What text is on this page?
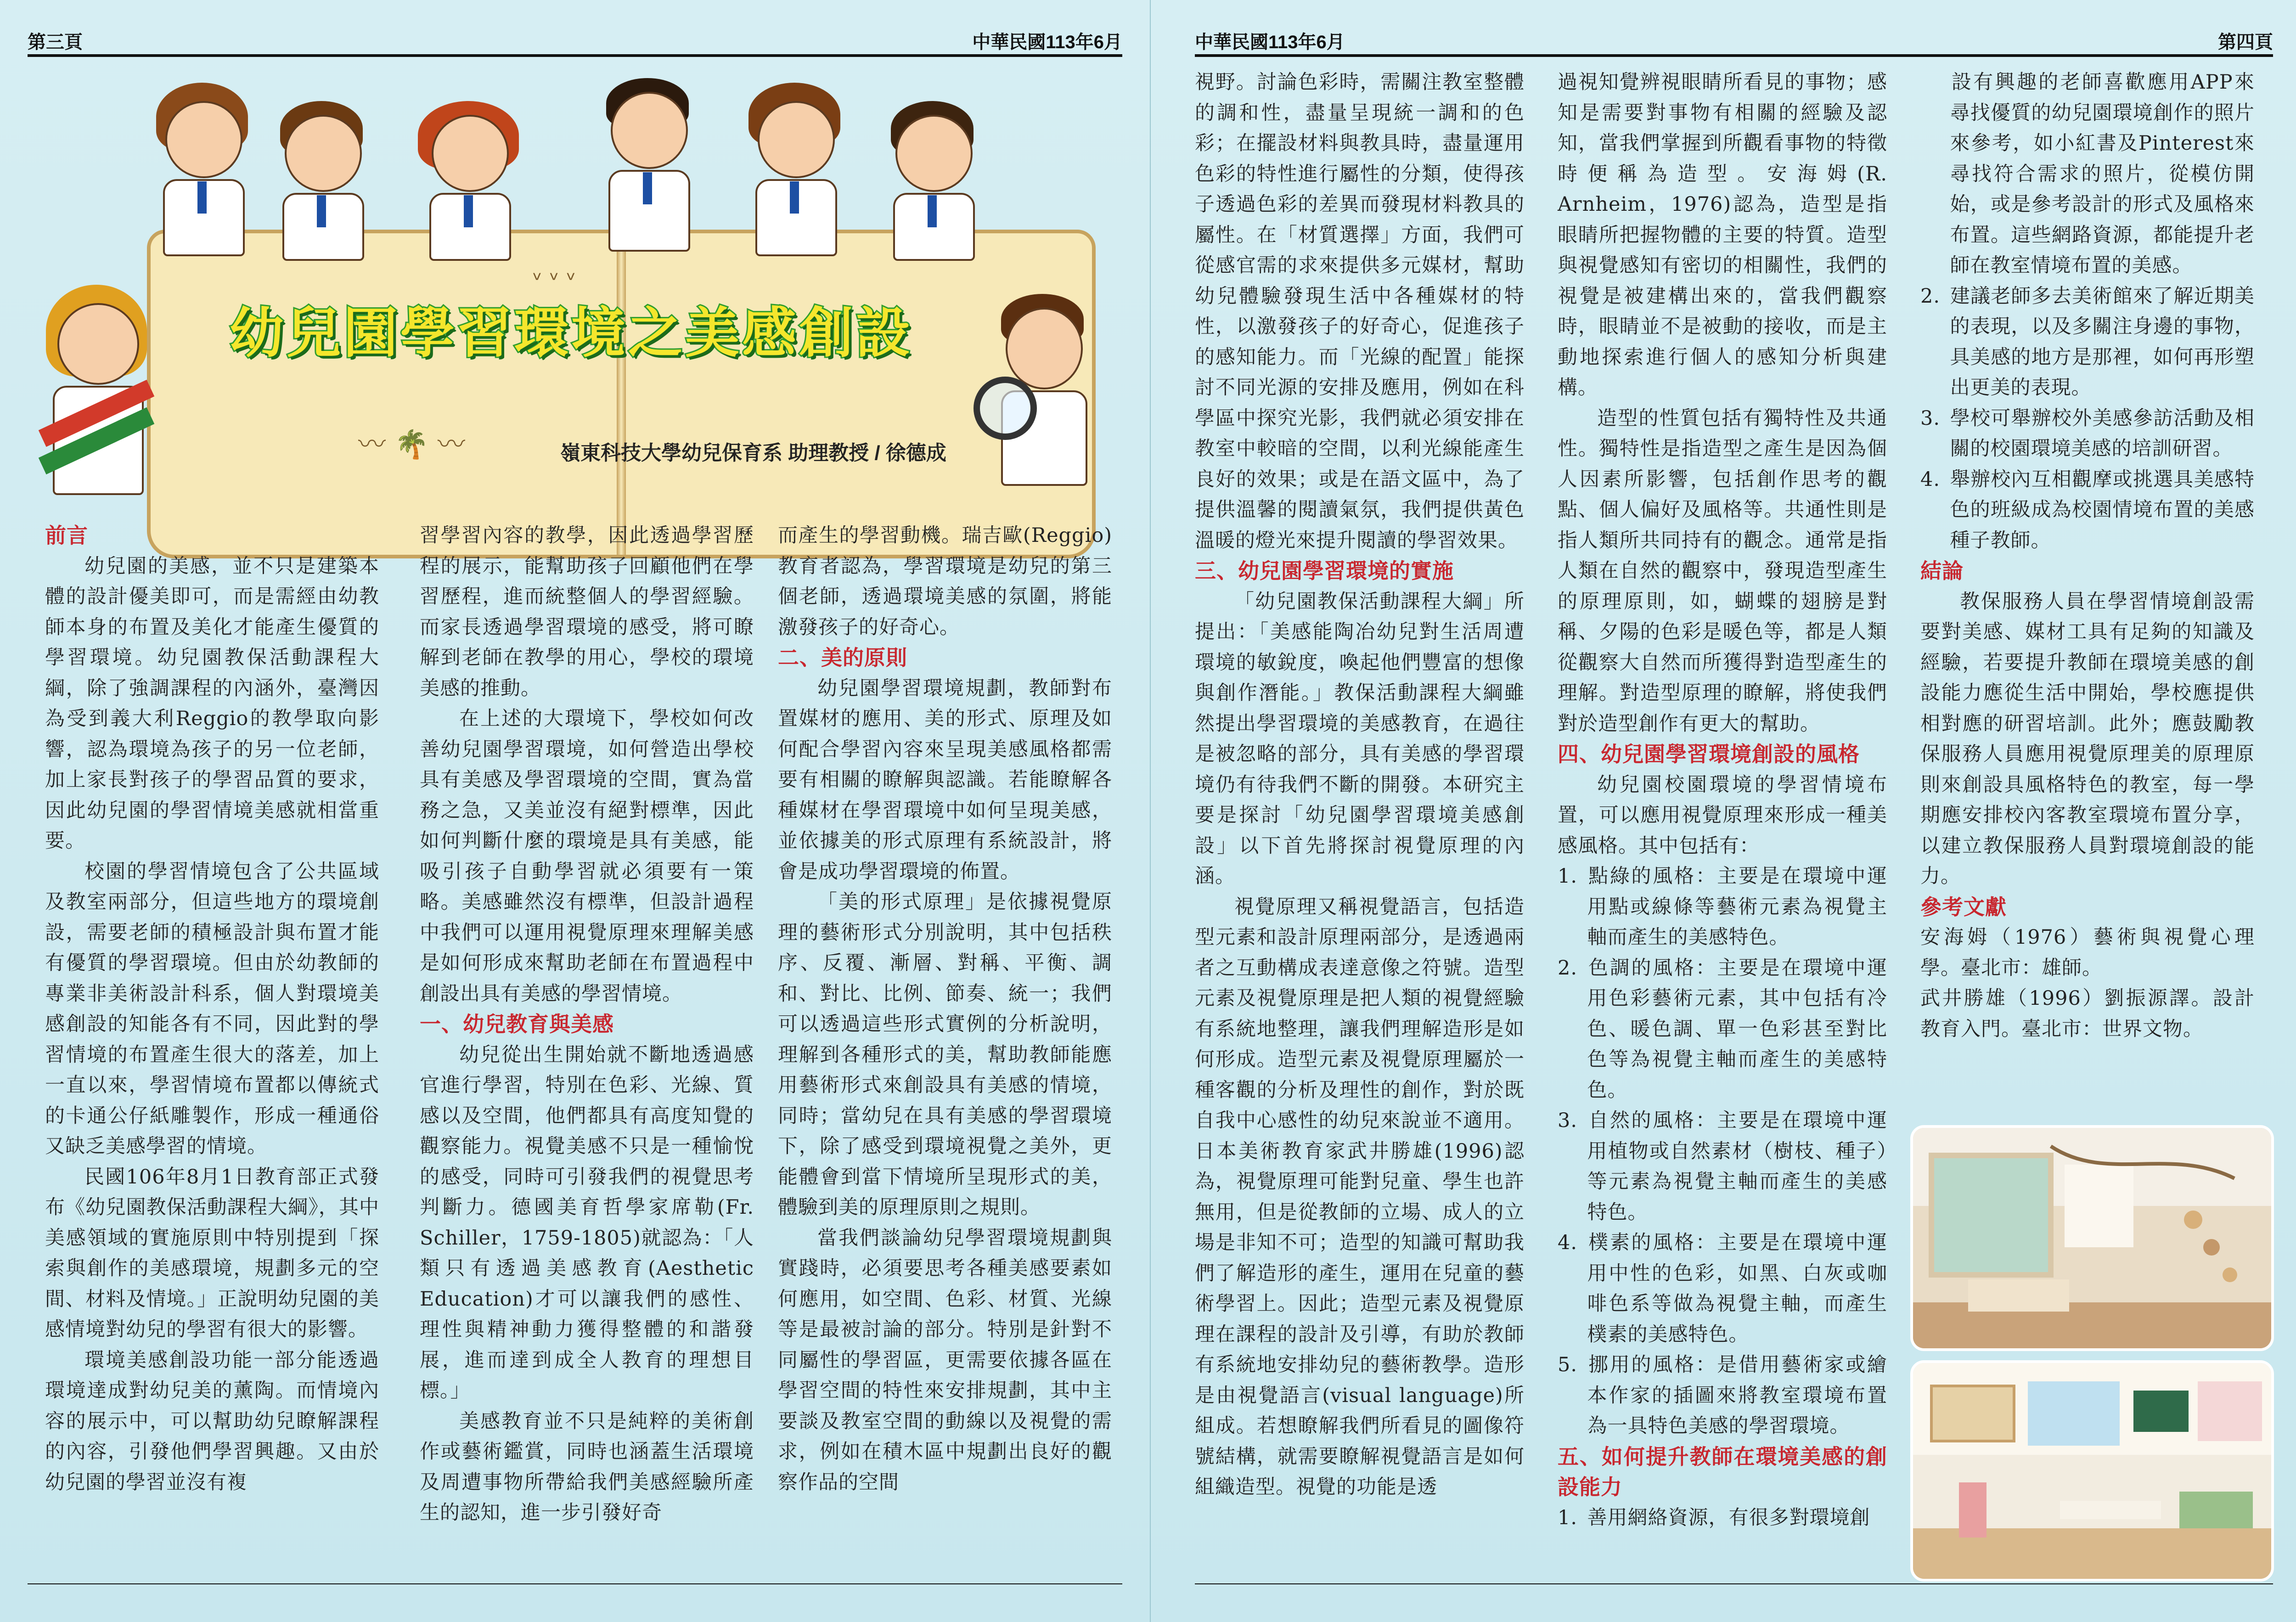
第三頁	中華民國113年6月
〰 🌴 〰
ᵛ ᵛ ᵛ
幼兒園學習環境之美感創設
嶺東科技大學幼兒保育系 助理教授 / 徐德成
前言

幼兒園的美感，並不只是建築本體的設計優美即可，而是需經由幼教師本身的布置及美化才能產生優質的學習環境。幼兒園教保活動課程大綱，除了強調課程的內涵外，臺灣因為受到義大利Reggio的教學取向影響，認為環境為孩子的另一位老師，加上家長對孩子的學習品質的要求，因此幼兒園的學習情境美感就相當重要。

校園的學習情境包含了公共區域及教室兩部分，但這些地方的環境創設，需要老師的積極設計與布置才能有優質的學習環境。但由於幼教師的專業非美術設計科系，個人對環境美感創設的知能各有不同，因此對的學習情境的布置產生很大的落差，加上一直以來，學習情境布置都以傳統式的卡通公仔紙雕製作，形成一種通俗又缺乏美感學習的情境。

民國106年8月1日教育部正式發布《幼兒園教保活動課程大綱》，其中美感領域的實施原則中特別提到「探索與創作的美感環境，規劃多元的空間、材料及情境。」正說明幼兒園的美感情境對幼兒的學習有很大的影響。

環境美感創設功能一部分能透過環境達成對幼兒美的薰陶。而情境內容的展示中，可以幫助幼兒瞭解課程的內容，引發他們學習興趣。又由於幼兒園的學習並沒有複

習學習內容的教學，因此透過學習歷程的展示，能幫助孩子回顧他們在學習歷程，進而統整個人的學習經驗。而家長透過學習環境的感受，將可瞭解到老師在教學的用心，學校的環境美感的推動。

在上述的大環境下，學校如何改善幼兒園學習環境，如何營造出學校具有美感及學習環境的空間，實為當務之急，又美並沒有絕對標準，因此如何判斷什麼的環境是具有美感，能吸引孩子自動學習就必須要有一策略。美感雖然沒有標準，但設計過程中我們可以運用視覺原理來理解美感是如何形成來幫助老師在布置過程中創設出具有美感的學習情境。

一、幼兒教育與美感

幼兒從出生開始就不斷地透過感官進行學習，特別在色彩、光線、質感以及空間，他們都具有高度知覺的觀察能力。視覺美感不只是一種愉悅的感受，同時可引發我們的視覺思考判斷力。德國美育哲學家席勒(Fr. Schiller，1759-1805)就認為：「人類只有透過美感教育(Aesthetic Education)才可以讓我們的感性、理性與精神動力獲得整體的和諧發展，進而達到成全人教育的理想目標。」

美感教育並不只是純粹的美術創作或藝術鑑賞，同時也涵蓋生活環境及周遭事物所帶給我們美感經驗所產生的認知，進一步引發好奇

而產生的學習動機。瑞吉歐(Reggio)教育者認為，學習環境是幼兒的第三個老師，透過環境美感的氛圍，將能激發孩子的好奇心。

二、美的原則

幼兒園學習環境規劃，教師對布置媒材的應用、美的形式、原理及如何配合學習內容來呈現美感風格都需要有相關的瞭解與認識。若能瞭解各種媒材在學習環境中如何呈現美感，並依據美的形式原理有系統設計，將會是成功學習環境的佈置。

「美的形式原理」是依據視覺原理的藝術形式分別說明，其中包括秩序、反覆、漸層、對稱、平衡、調和、對比、比例、節奏、統一；我們可以透過這些形式實例的分析說明，理解到各種形式的美，幫助教師能應用藝術形式來創設具有美感的情境，同時；當幼兒在具有美感的學習環境下，除了感受到環境視覺之美外，更能體會到當下情境所呈現形式的美，體驗到美的原理原則之規則。

當我們談論幼兒學習環境規劃與實踐時，必須要思考各種美感要素如何應用，如空間、色彩、材質、光線等是最被討論的部分。特別是針對不同屬性的學習區，更需要依據各區在學習空間的特性來安排規劃，其中主要談及教室空間的動線以及視覺的需求，例如在積木區中規劃出良好的觀察作品的空間

中華民國113年6月	第四頁

視野。討論色彩時，需關注教室整體的調和性，盡量呈現統一調和的色彩；在擺設材料與教具時，盡量運用色彩的特性進行屬性的分類，使得孩子透過色彩的差異而發現材料教具的屬性。在「材質選擇」方面，我們可從感官需的求來提供多元媒材，幫助幼兒體驗發現生活中各種媒材的特性，以激發孩子的好奇心，促進孩子的感知能力。而「光線的配置」能探討不同光源的安排及應用，例如在科學區中探究光影，我們就必須安排在教室中較暗的空間，以利光線能產生良好的效果；或是在語文區中，為了提供溫馨的閱讀氣氛，我們提供黃色溫暖的燈光來提升閱讀的學習效果。

三、幼兒園學習環境的實施

「幼兒園教保活動課程大綱」所提出：「美感能陶冶幼兒對生活周遭環境的敏銳度，喚起他們豐富的想像與創作潛能。」教保活動課程大綱雖然提出學習環境的美感教育，在過往是被忽略的部分，具有美感的學習環境仍有待我們不斷的開發。本研究主要是探討「幼兒園學習環境美感創設」以下首先將探討視覺原理的內涵。

視覺原理又稱視覺語言，包括造型元素和設計原理兩部分，是透過兩者之互動構成表達意像之符號。造型元素及視覺原理是把人類的視覺經驗有系統地整理，讓我們理解造形是如何形成。造型元素及視覺原理屬於一種客觀的分析及理性的創作，對於既自我中心感性的幼兒來說並不適用。日本美術教育家武井勝雄(1996)認為，視覺原理可能對兒童、學生也許無用，但是從教師的立場、成人的立場是非知不可；造型的知識可幫助我們了解造形的產生，運用在兒童的藝術學習上。因此；造型元素及視覺原理在課程的設計及引導，有助於教師有系統地安排幼兒的藝術教學。造形是由視覺語言(visual language)所組成。若想瞭解我們所看見的圖像符號結構，就需要瞭解視覺語言是如何組織造型。視覺的功能是透

過視知覺辨視眼睛所看見的事物；感知是需要對事物有相關的經驗及認知，當我們掌握到所觀看事物的特徵時便稱為造型。安海姆(R. Arnheim，1976)認為，造型是指眼睛所把握物體的主要的特質。造型與視覺感知有密切的相關性，我們的視覺是被建構出來的，當我們觀察時，眼睛並不是被動的接收，而是主動地探索進行個人的感知分析與建構。

造型的性質包括有獨特性及共通性。獨特性是指造型之產生是因為個人因素所影響，包括創作思考的觀點、個人偏好及風格等。共通性則是指人類所共同持有的觀念。通常是指人類在自然的觀察中，發現造型產生的原理原則，如，蝴蝶的翅膀是對稱、夕陽的色彩是暖色等，都是人類從觀察大自然而所獲得對造型產生的理解。對造型原理的瞭解，將使我們對於造型創作有更大的幫助。

四、幼兒園學習環境創設的風格

幼兒園校園環境的學習情境布置，可以應用視覺原理來形成一種美感風格。其中包括有：

1. 點綠的風格：主要是在環境中運用點或線條等藝術元素為視覺主軸而產生的美感特色。
2. 色調的風格：主要是在環境中運用色彩藝術元素，其中包括有冷色、暖色調、單一色彩甚至對比色等為視覺主軸而產生的美感特色。
3. 自然的風格：主要是在環境中運用植物或自然素材（樹枝、種子）等元素為視覺主軸而產生的美感特色。
4. 樸素的風格：主要是在環境中運用中性的色彩，如黑、白灰或咖啡色系等做為視覺主軸，而產生樸素的美感特色。
5. 挪用的風格：是借用藝術家或繪本作家的插圖來將教室環境布置為一具特色美感的學習環境。
五、如何提升教師在環境美感的創設能力
1. 善用網絡資源，有很多對環境創
設有興趣的老師喜歡應用APP來尋找優質的幼兒園環境創作的照片來參考，如小紅書及Pinterest來尋找符合需求的照片，從模仿開始，或是參考設計的形式及風格來布置。這些網路資源，都能提升老師在教室情境布置的美感。
2. 建議老師多去美術館來了解近期美的表現，以及多關注身邊的事物，具美感的地方是那裡，如何再形塑出更美的表現。
3. 學校可舉辦校外美感參訪活動及相關的校園環境美感的培訓研習。
4. 舉辦校內互相觀摩或挑選具美感特色的班級成為校園情境布置的美感種子教師。
結論

教保服務人員在學習情境創設需要對美感、媒材工具有足夠的知識及經驗，若要提升教師在環境美感的創設能力應從生活中開始，學校應提供相對應的研習培訓。此外；應鼓勵教保服務人員應用視覺原理美的原理原則來創設具風格特色的教室，每一學期應安排校內客教室環境布置分享，以建立教保服務人員對環境創設的能力。

參考文獻

安海姆（1976）藝術與視覺心理學。臺北市：雄師。

武井勝雄（1996）劉振源譯。設計教育入門。臺北市：世界文物。
